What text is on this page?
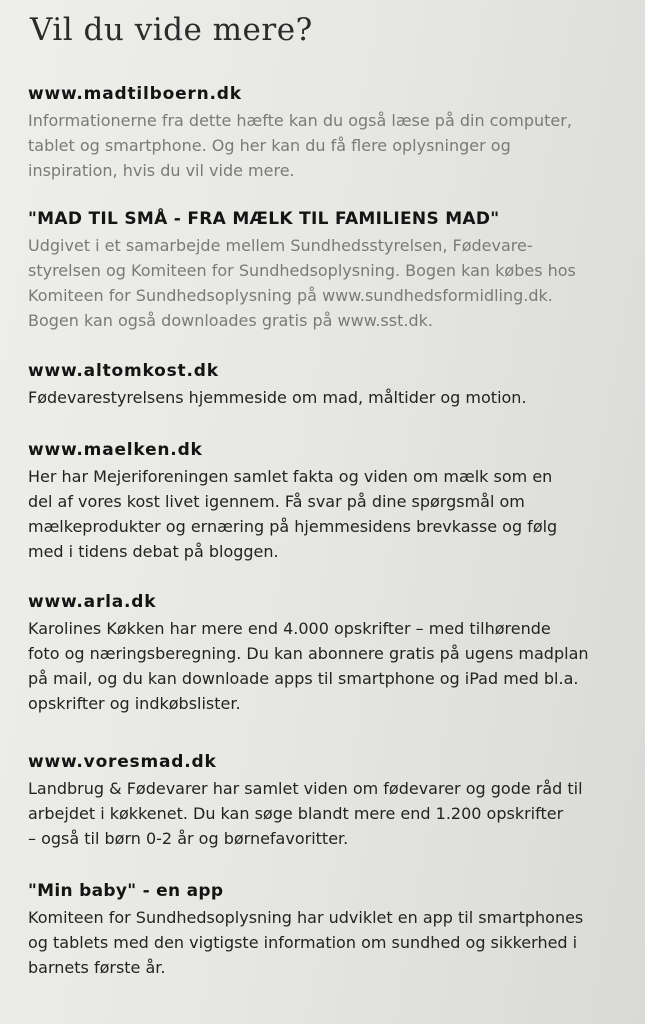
Vil du vide mere?
www.madtilboern.dk

Informationerne fra dette hæfte kan du også læse på din computer,
tablet og smartphone. Og her kan du få flere oplysninger og
inspiration, hvis du vil vide mere.

"MAD TIL SMÅ - FRA MÆLK TIL FAMILIENS MAD"

Udgivet i et samarbejde mellem Sundhedsstyrelsen, Fødevare-
styrelsen og Komiteen for Sundhedsoplysning. Bogen kan købes hos
Komiteen for Sundhedsoplysning på www.sundhedsformidling.dk.
Bogen kan også downloades gratis på www.sst.dk.

www.altomkost.dk

Fødevarestyrelsens hjemmeside om mad, måltider og motion.

www.maelken.dk

Her har Mejeriforeningen samlet fakta og viden om mælk som en
del af vores kost livet igennem. Få svar på dine spørgsmål om
mælkeprodukter og ernæring på hjemmesidens brevkasse og følg
med i tidens debat på bloggen.

www.arla.dk

Karolines Køkken har mere end 4.000 opskrifter – med tilhørende
foto og næringsberegning. Du kan abonnere gratis på ugens madplan
på mail, og du kan downloade apps til smartphone og iPad med bl.a.
opskrifter og indkøbslister.

www.voresmad.dk

Landbrug & Fødevarer har samlet viden om fødevarer og gode råd til
arbejdet i køkkenet. Du kan søge blandt mere end 1.200 opskrifter
– også til børn 0-2 år og børnefavoritter.

"Min baby" - en app

Komiteen for Sundhedsoplysning har udviklet en app til smartphones
og tablets med den vigtigste information om sundhed og sikkerhed i
barnets første år.
